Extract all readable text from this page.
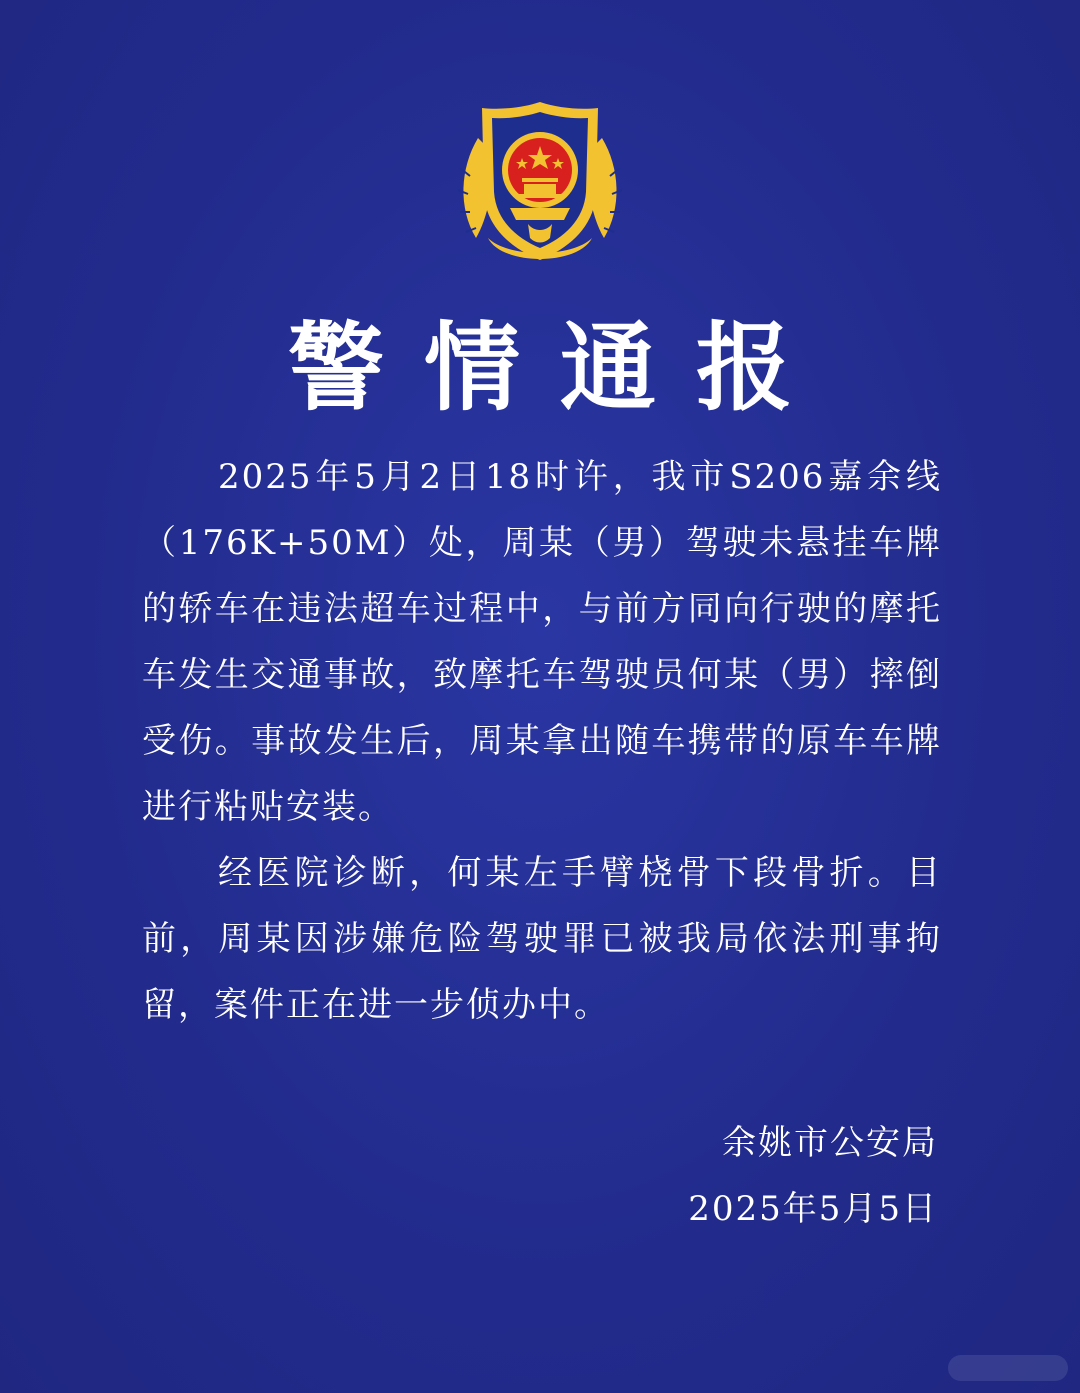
警情通报

2025年5月2日18时许，我市S206嘉余线（176K+50M）处，周某（男）驾驶未悬挂车牌的轿车在违法超车过程中，与前方同向行驶的摩托车发生交通事故，致摩托车驾驶员何某（男）摔倒受伤。事故发生后，周某拿出随车携带的原车车牌进行粘贴安装。

经医院诊断，何某左手臂桡骨下段骨折。目前，周某因涉嫌危险驾驶罪已被我局依法刑事拘留，案件正在进一步侦办中。

余姚市公安局
2025年5月5日
